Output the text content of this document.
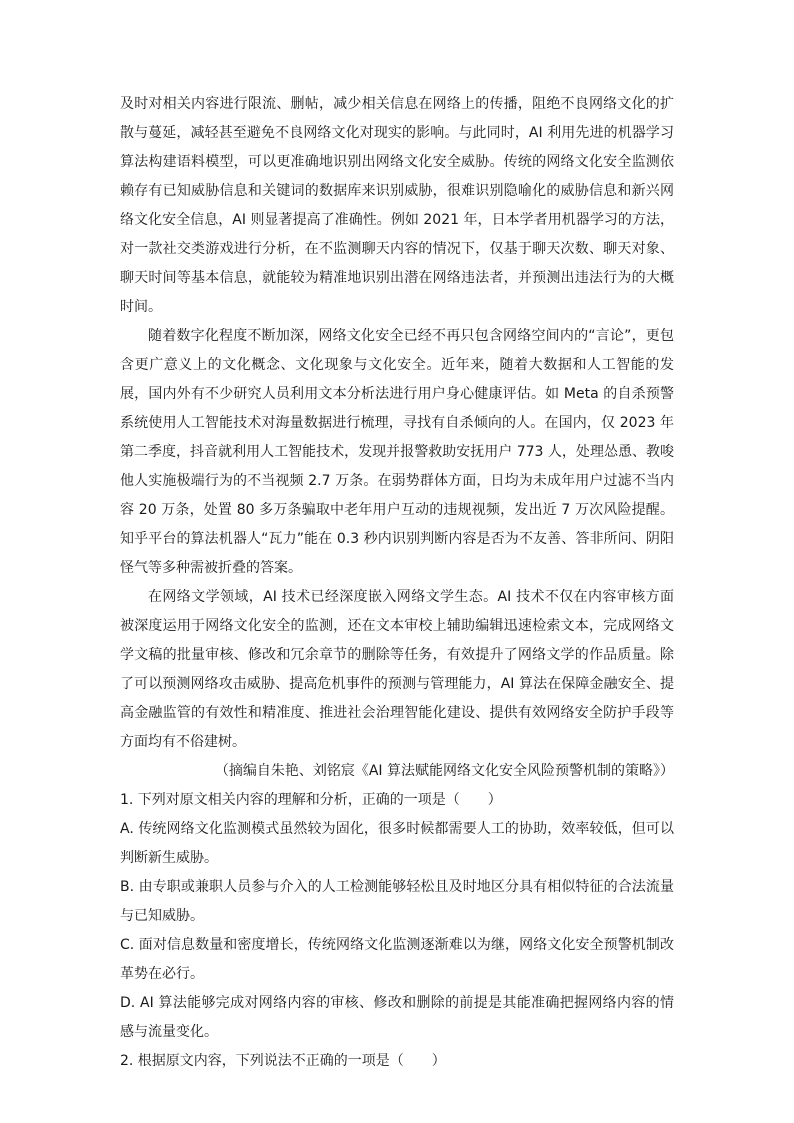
及时对相关内容进行限流、删帖，减少相关信息在网络上的传播，阻绝不良网络文化的扩散与蔓延，减轻甚至避免不良网络文化对现实的影响。与此同时，AI 利用先进的机器学习算法构建语料模型，可以更准确地识别出网络文化安全威胁。传统的网络文化安全监测依赖存有已知威胁信息和关键词的数据库来识别威胁，很难识别隐喻化的威胁信息和新兴网络文化安全信息，AI 则显著提高了准确性。例如 2021 年，日本学者用机器学习的方法，对一款社交类游戏进行分析，在不监测聊天内容的情况下，仅基于聊天次数、聊天对象、聊天时间等基本信息，就能较为精准地识别出潜在网络违法者，并预测出违法行为的大概时间。

随着数字化程度不断加深，网络文化安全已经不再只包含网络空间内的“言论”，更包含更广意义上的文化概念、文化现象与文化安全。近年来，随着大数据和人工智能的发展，国内外有不少研究人员利用文本分析法进行用户身心健康评估。如 Meta 的自杀预警系统使用人工智能技术对海量数据进行梳理，寻找有自杀倾向的人。在国内，仅 2023 年第二季度，抖音就利用人工智能技术，发现并报警救助安抚用户 773 人，处理怂恿、教唆他人实施极端行为的不当视频 2.7 万条。在弱势群体方面，日均为未成年用户过滤不当内容 20 万条，处置 80 多万条骗取中老年用户互动的违规视频，发出近 7 万次风险提醒。知乎平台的算法机器人“瓦力”能在 0.3 秒内识别判断内容是否为不友善、答非所问、阴阳怪气等多种需被折叠的答案。

在网络文学领域，AI 技术已经深度嵌入网络文学生态。AI 技术不仅在内容审核方面被深度运用于网络文化安全的监测，还在文本审校上辅助编辑迅速检索文本，完成网络文学文稿的批量审核、修改和冗余章节的删除等任务，有效提升了网络文学的作品质量。除了可以预测网络攻击威胁、提高危机事件的预测与管理能力，AI 算法在保障金融安全、提高金融监管的有效性和精准度、推进社会治理智能化建设、提供有效网络安全防护手段等方面均有不俗建树。

（摘编自朱艳、刘铭宸《AI 算法赋能网络文化安全风险预警机制的策略》）

1. 下列对原文相关内容的理解和分析，正确的一项是（　　）

A. 传统网络文化监测模式虽然较为固化，很多时候都需要人工的协助，效率较低，但可以判断新生威胁。

B. 由专职或兼职人员参与介入的人工检测能够轻松且及时地区分具有相似特征的合法流量与已知威胁。

C. 面对信息数量和密度增长，传统网络文化监测逐渐难以为继，网络文化安全预警机制改革势在必行。

D. AI 算法能够完成对网络内容的审核、修改和删除的前提是其能准确把握网络内容的情感与流量变化。

2. 根据原文内容，下列说法不正确的一项是（　　）
